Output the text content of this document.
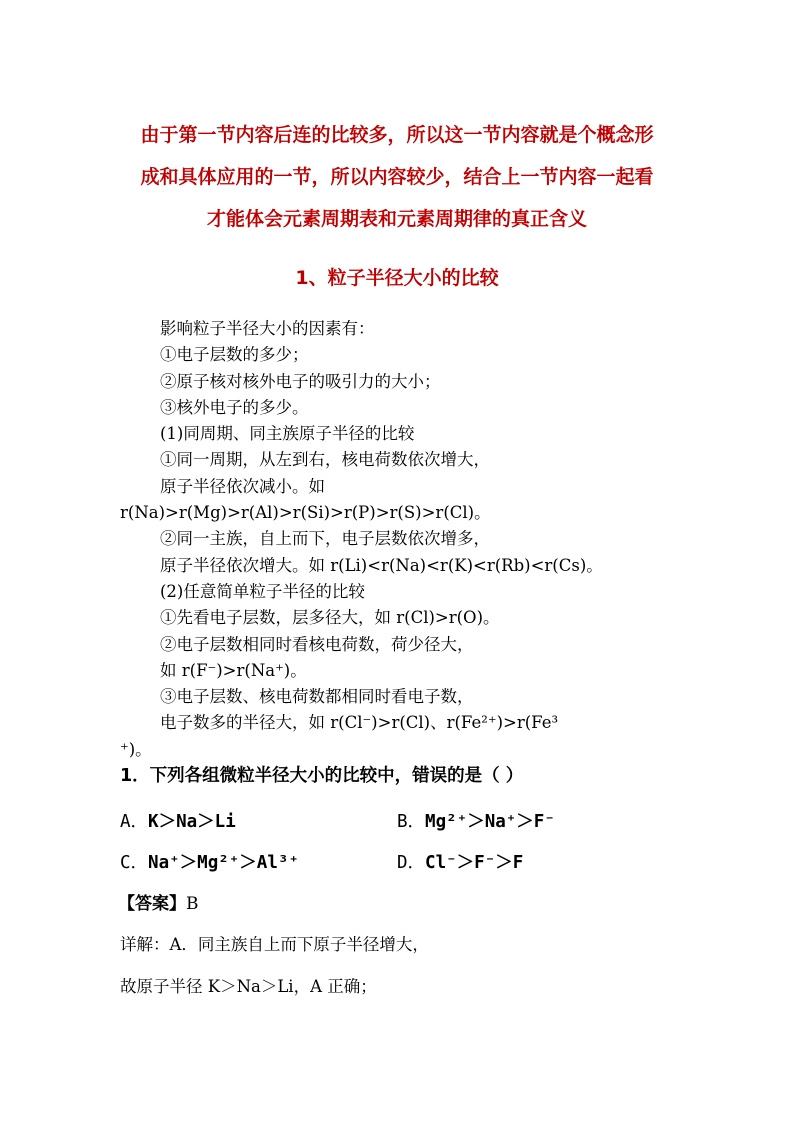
由于第一节内容后连的比较多，所以这一节内容就是个概念形
成和具体应用的一节，所以内容较少，结合上一节内容一起看
才能体会元素周期表和元素周期律的真正含义
1、粒子半径大小的比较
影响粒子半径大小的因素有：
①电子层数的多少；
②原子核对核外电子的吸引力的大小；
③核外电子的多少。
(1)同周期、同主族原子半径的比较
①同一周期，从左到右，核电荷数依次增大，
原子半径依次减小。如
r(Na)>r(Mg)>r(Al)>r(Si)>r(P)>r(S)>r(Cl)。
②同一主族，自上而下，电子层数依次增多，
原子半径依次增大。如 r(Li)<r(Na)<r(K)<r(Rb)<r(Cs)。
(2)任意简单粒子半径的比较
①先看电子层数，层多径大，如 r(Cl)>r(O)。
②电子层数相同时看核电荷数，荷少径大，
如 r(F⁻)>r(Na⁺)。
③电子层数、核电荷数都相同时看电子数，
电子数多的半径大，如 r(Cl⁻)>r(Cl)、r(Fe²⁺)>r(Fe³
⁺)。
1．下列各组微粒半径大小的比较中，错误的是（ ）
A．K＞Na＞Li	B．Mg²⁺＞Na⁺＞F⁻
C．Na⁺＞Mg²⁺＞Al³⁺	D．Cl⁻＞F⁻＞F
【答案】B
详解：A．同主族自上而下原子半径增大，
故原子半径 K＞Na＞Li，A 正确；
